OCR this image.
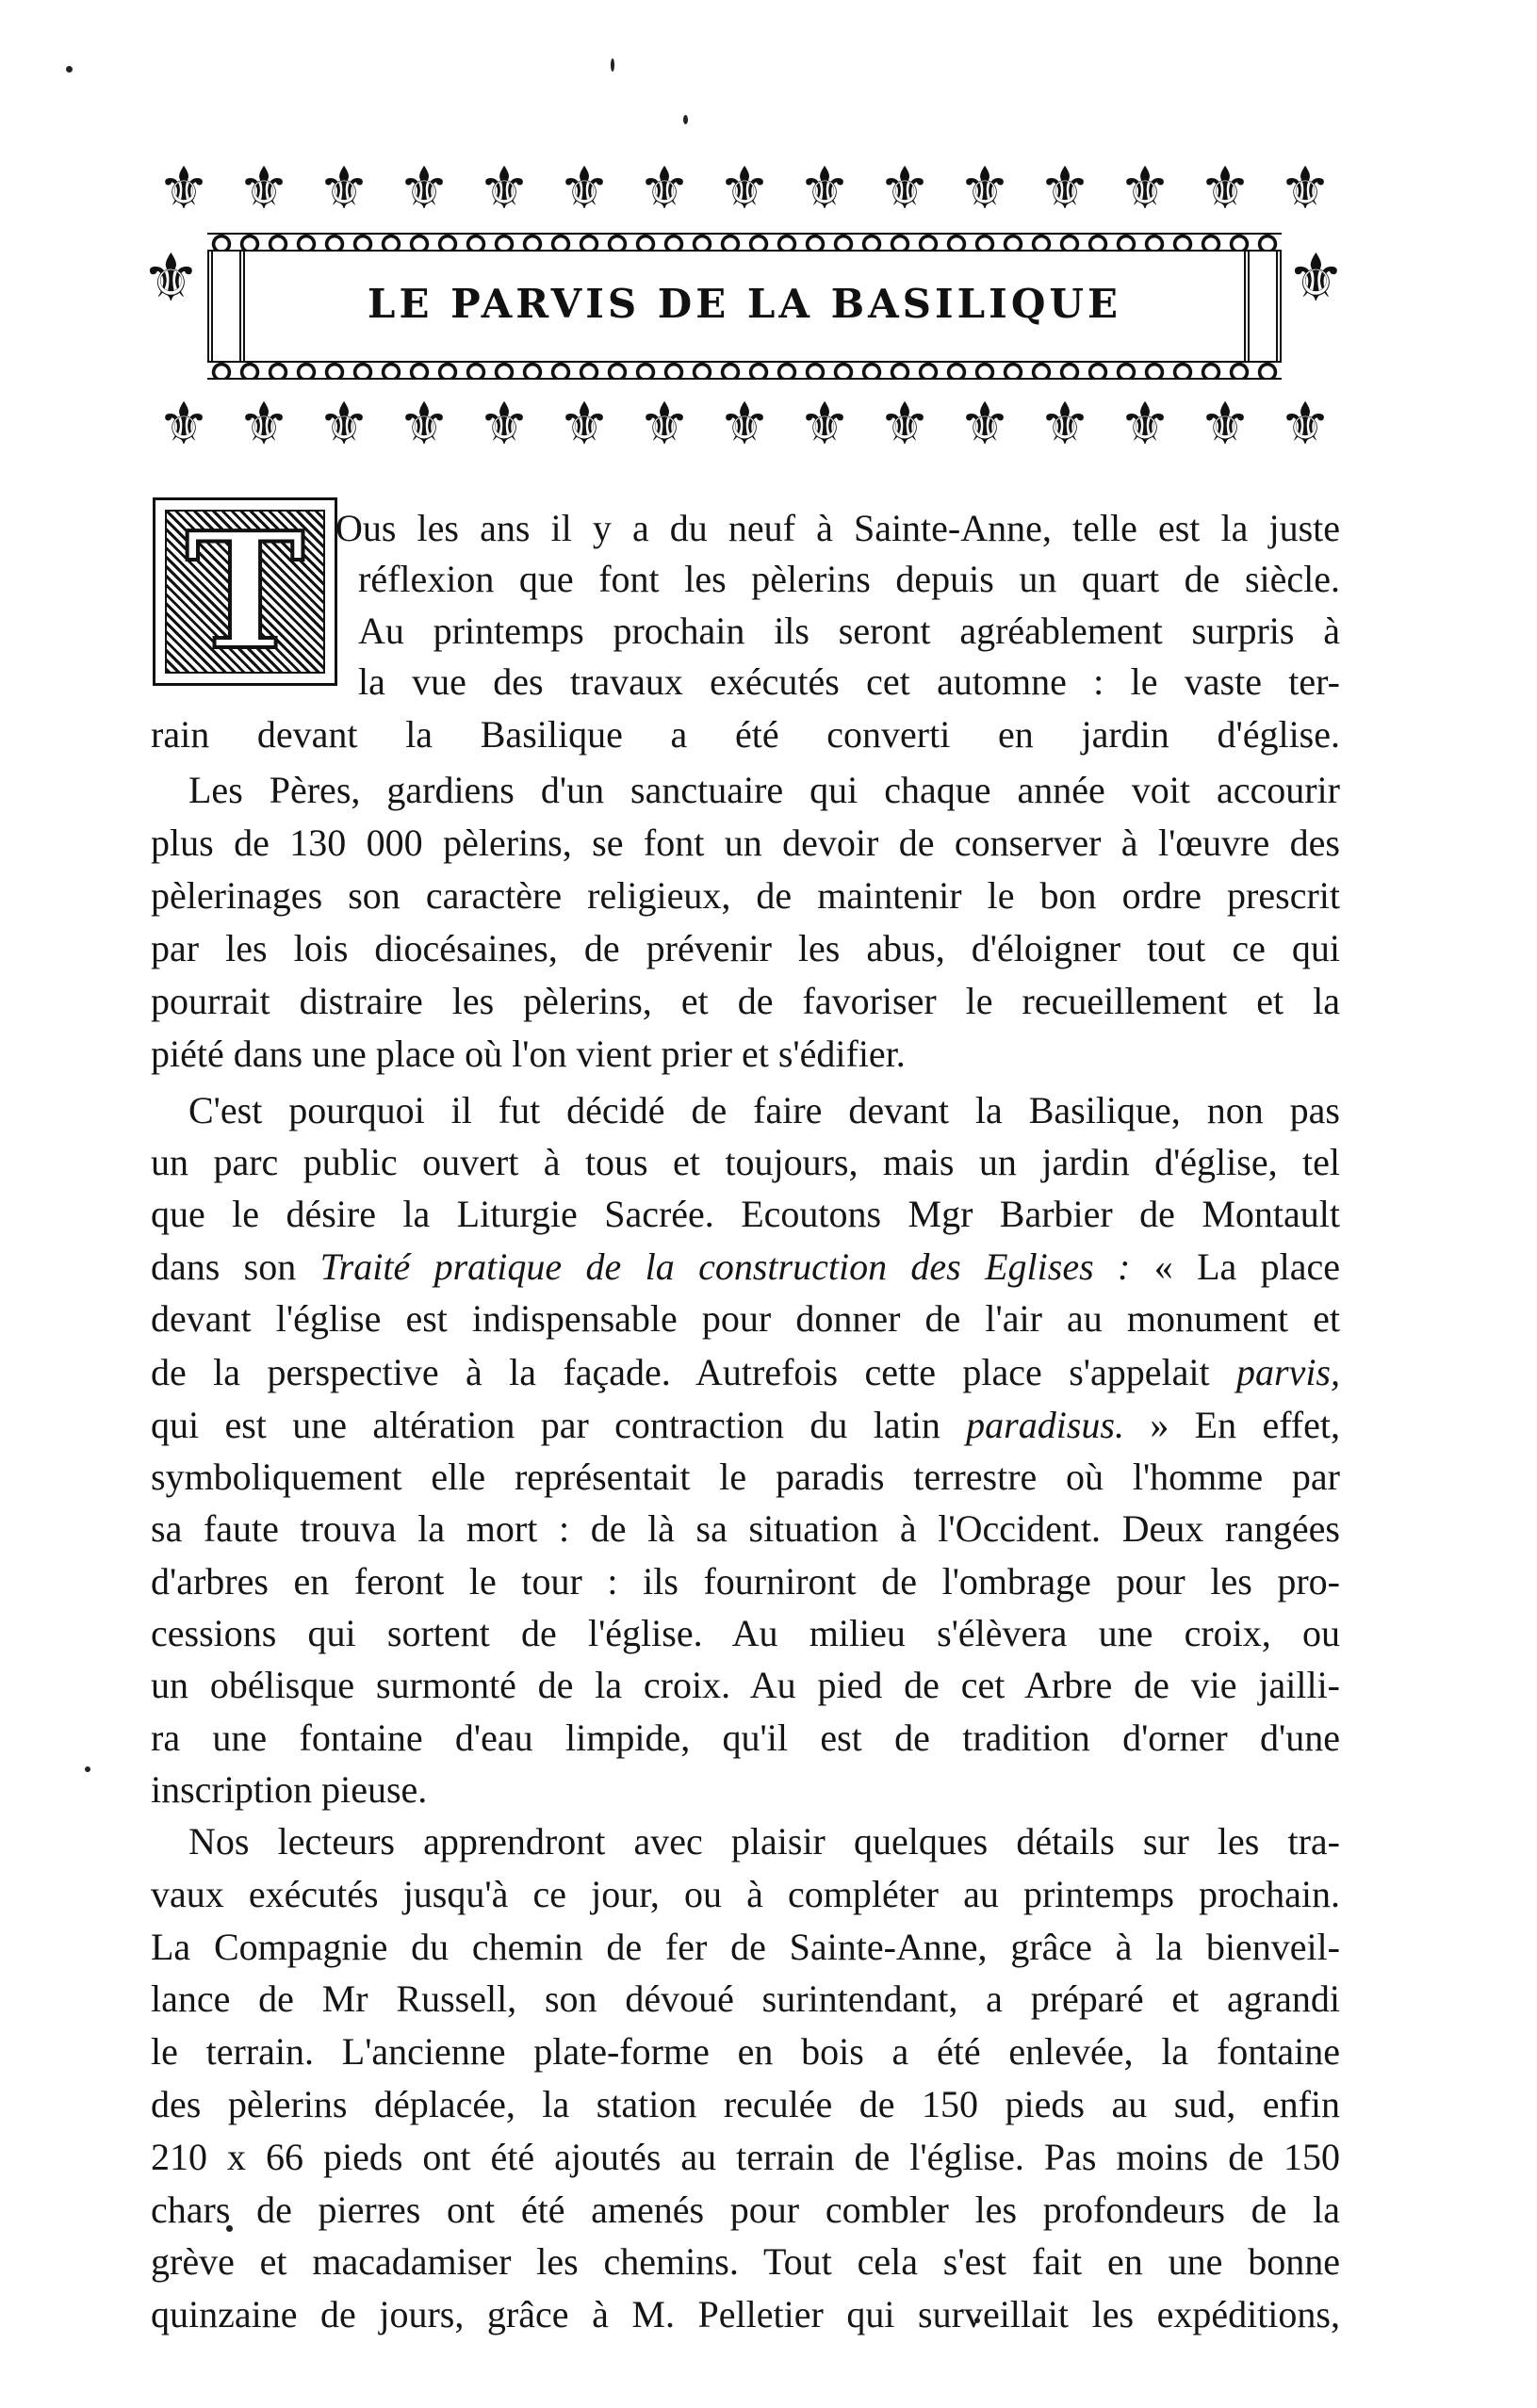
⚜ ⚜ ⚜ ⚜ ⚜ ⚜ ⚜ ⚜ ⚜ ⚜ ⚜ ⚜ ⚜ ⚜ ⚜
⚜	⚜
LE PARVIS DE LA BASILIQUE
⚜ ⚜ ⚜ ⚜ ⚜ ⚜ ⚜ ⚜ ⚜ ⚜ ⚜ ⚜ ⚜ ⚜ ⚜
T Ous les ans il y a du neuf à Sainte-Anne, telle est la juste
réflexion que font les pèlerins depuis un quart de siècle.
Au printemps prochain ils seront agréablement surpris à
la vue des travaux exécutés cet automne : le vaste ter-
rain devant la Basilique a été converti en jardin d'église.
Les Pères, gardiens d'un sanctuaire qui chaque année voit accourir
plus de 130 000 pèlerins, se font un devoir de conserver à l'œuvre des
pèlerinages son caractère religieux, de maintenir le bon ordre prescrit
par les lois diocésaines, de prévenir les abus, d'éloigner tout ce qui
pourrait distraire les pèlerins, et de favoriser le recueillement et la
piété dans une place où l'on vient prier et s'édifier.
C'est pourquoi il fut décidé de faire devant la Basilique, non pas
un parc public ouvert à tous et toujours, mais un jardin d'église, tel
que le désire la Liturgie Sacrée. Ecoutons Mgr Barbier de Montault
dans son Traité pratique de la construction des Eglises : « La place
devant l'église est indispensable pour donner de l'air au monument et
de la perspective à la façade. Autrefois cette place s'appelait parvis,
qui est une altération par contraction du latin paradisus. » En effet,
symboliquement elle représentait le paradis terrestre où l'homme par
sa faute trouva la mort : de là sa situation à l'Occident. Deux rangées
d'arbres en feront le tour : ils fourniront de l'ombrage pour les pro-
cessions qui sortent de l'église. Au milieu s'élèvera une croix, ou
un obélisque surmonté de la croix. Au pied de cet Arbre de vie jailli-
ra une fontaine d'eau limpide, qu'il est de tradition d'orner d'une
inscription pieuse.
Nos lecteurs apprendront avec plaisir quelques détails sur les tra-
vaux exécutés jusqu'à ce jour, ou à compléter au printemps prochain.
La Compagnie du chemin de fer de Sainte-Anne, grâce à la bienveil-
lance de Mr Russell, son dévoué surintendant, a préparé et agrandi
le terrain. L'ancienne plate-forme en bois a été enlevée, la fontaine
des pèlerins déplacée, la station reculée de 150 pieds au sud, enfin
210 x 66 pieds ont été ajoutés au terrain de l'église. Pas moins de 150
chars de pierres ont été amenés pour combler les profondeurs de la
grève et macadamiser les chemins. Tout cela s'est fait en une bonne
quinzaine de jours, grâce à M. Pelletier qui surveillait les expéditions,
